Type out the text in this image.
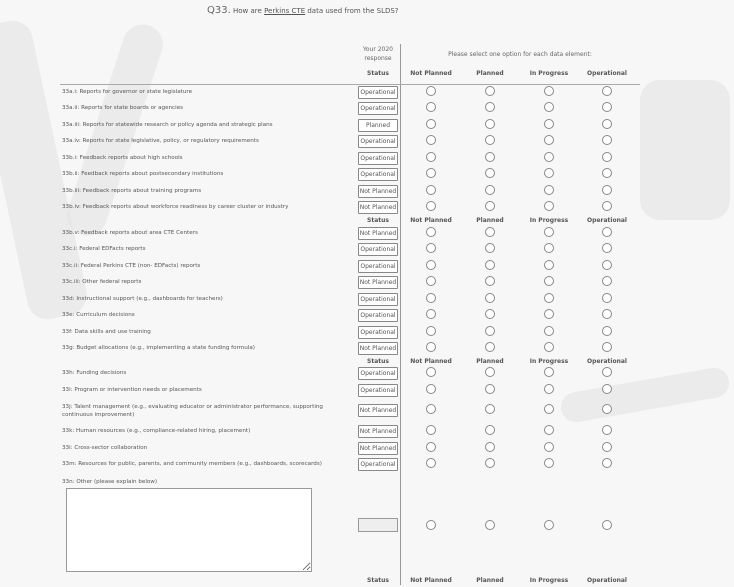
Q33. How are Perkins CTE data used from the SLDS?
Your 2020 response
Please select one option for each data element:
Status	Not Planned	Planned	In Progress	Operational
Status	Not Planned	Planned	In Progress	Operational
Status	Not Planned	Planned	In Progress	Operational
Status	Not Planned	Planned	In Progress	Operational
33a.i: Reports for governor or state legislature	Operational
33a.ii: Reports for state boards or agencies	Operational
33a.iii: Reports for statewide research or policy agenda and strategic plans	Planned
33a.iv: Reports for state legislative, policy, or regulatory requirements	Operational
33b.i: Feedback reports about high schools	Operational
33b.ii: Feedback reports about postsecondary institutions	Operational
33b.iii: Feedback reports about training programs	Not Planned
33b.iv: Feedback reports about workforce readiness by career cluster or industry	Not Planned
33b.v: Feedback reports about area CTE Centers	Not Planned
33c.i: Federal EDFacts reports	Operational
33c.ii: Federal Perkins CTE (non- EDFacts) reports	Operational
33c.iii: Other federal reports	Not Planned
33d: Instructional support (e.g., dashboards for teachers)	Operational
33e: Curriculum decisions	Operational
33f: Data skills and use training	Operational
33g: Budget allocations (e.g., implementing a state funding formula)	Not Planned
33h: Funding decisions	Operational
33i: Program or intervention needs or placements	Operational
33j: Talent management (e.g., evaluating educator or administrator performance, supporting continuous improvement)
Not Planned
33k: Human resources (e.g., compliance-related hiring, placement)	Not Planned
33l: Cross-sector collaboration	Not Planned
33m: Resources for public, parents, and community members (e.g., dashboards, scorecards)	Operational
33n: Other (please explain below)
